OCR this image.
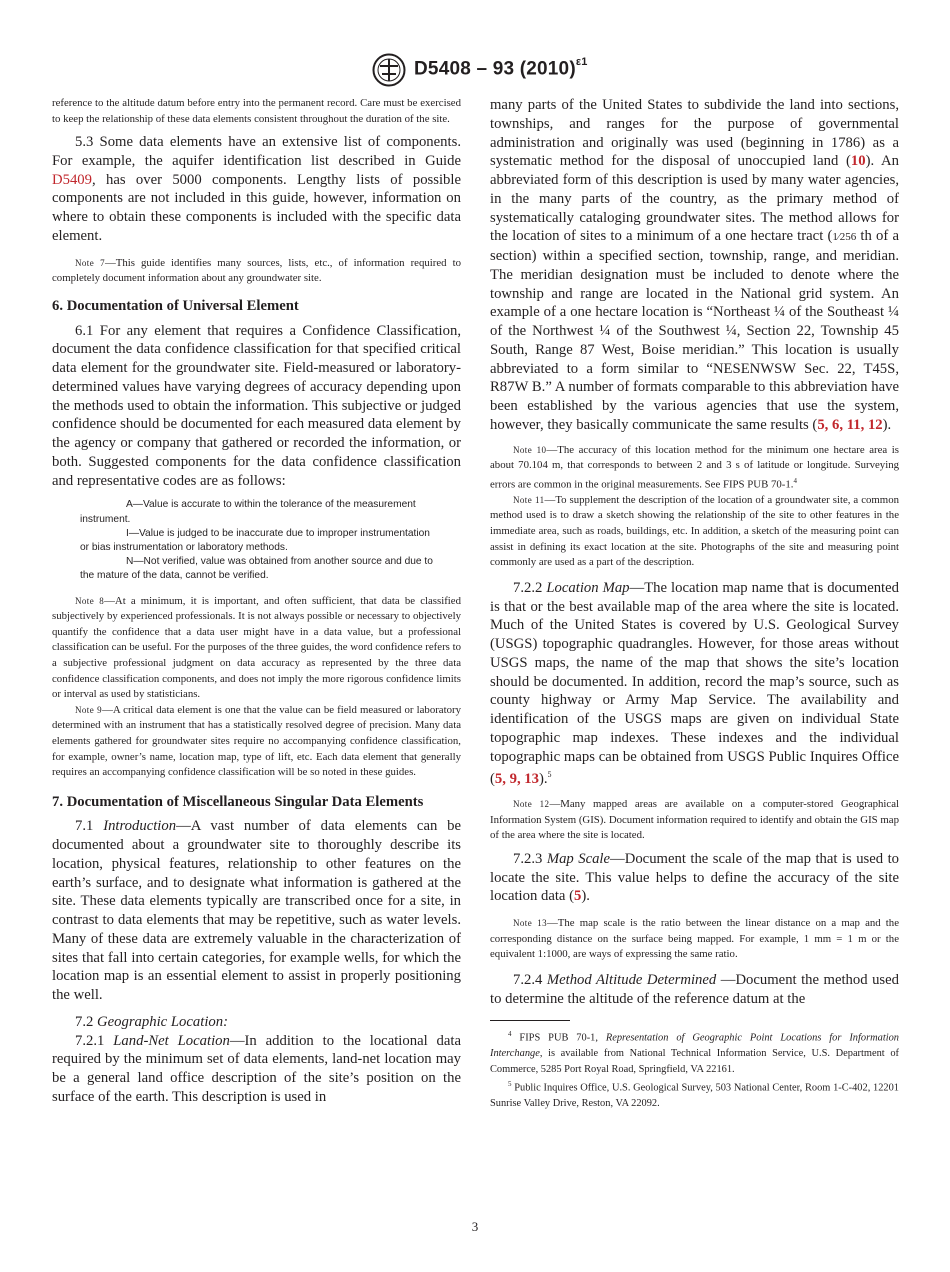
D5408 – 93 $(2010)^{\varepsilon 1}$

reference to the altitude datum before entry into the permanent record. Care must be exercised to keep the relationship of these data elements consistent throughout the duration of the site.

5.3 Some data elements have an extensive list of components. For example, the aquifer identification list described in Guide D5409, has over 5000 components. Lengthy lists of possible components are not included in this guide, however, information on where to obtain these components is included with the specific data element.

Note 7—This guide identifies many sources, lists, etc., of information required to completely document information about any groundwater site.

6. Documentation of Universal Element

6.1 For any element that requires a Confidence Classification, document the data confidence classification for that specified critical data element for the groundwater site. Field-measured or laboratory-determined values have varying degrees of accuracy depending upon the methods used to obtain the information. This subjective or judged confidence should be documented for each measured data element by the agency or company that gathered or recorded the information, or both. Suggested components for the data confidence classification and representative codes are as follows:

A—Value is accurate to within the tolerance of the measurement instrument.
I—Value is judged to be inaccurate due to improper instrumentation or bias instrumentation or laboratory methods.
N—Not verified, value was obtained from another source and due to the mature of the data, cannot be verified.

Note 8—At a minimum, it is important, and often sufficient, that data be classified subjectively by experienced professionals. It is not always possible or necessary to objectively quantify the confidence that a data user might have in a data value, but a professional classification can be useful. For the purposes of the three guides, the word confidence refers to a subjective professional judgment on data accuracy as represented by the three data confidence classification components, and does not imply the more rigorous confidence limits or interval as used by statisticians.

Note 9—A critical data element is one that the value can be field measured or laboratory determined with an instrument that has a statistically resolved degree of precision. Many data elements gathered for groundwater sites require no accompanying confidence classification, for example, owner’s name, location map, type of lift, etc. Each data element that generally requires an accompanying confidence classification will be so noted in these guides.

7. Documentation of Miscellaneous Singular Data Elements

7.1 Introduction—A vast number of data elements can be documented about a groundwater site to thoroughly describe its location, physical features, relationship to other features on the earth’s surface, and to designate what information is gathered at the site. These data elements typically are transcribed once for a site, in contrast to data elements that may be repetitive, such as water levels. Many of these data are extremely valuable in the characterization of sites that fall into certain categories, for example wells, for which the location map is an essential element to assist in properly positioning the well.

7.2 Geographic Location:

7.2.1 Land-Net Location—In addition to the locational data required by the minimum set of data elements, land-net location may be a general land office description of the site’s position on the surface of the earth. This description is used in

many parts of the United States to subdivide the land into sections, townships, and ranges for the purpose of governmental administration and originally was used (beginning in 1786) as a systematic method for the disposal of unoccupied land (10). An abbreviated form of this description is used by many water agencies, in the many parts of the country, as the primary method of systematically cataloging groundwater sites. The method allows for the location of sites to a minimum of a one hectare tract (1⁄256 th of a section) within a specified section, township, range, and meridian. The meridian designation must be included to denote where the township and range are located in the National grid system. An example of a one hectare location is “Northeast ¼ of the Southeast ¼ of the Northwest ¼ of the Southwest ¼, Section 22, Township 45 South, Range 87 West, Boise meridian.” This location is usually abbreviated to a form similar to “NESENWSW Sec. 22, T45S, R87W B.” A number of formats comparable to this abbreviation have been established by the various agencies that use the system, however, they basically communicate the same results (5, 6, 11, 12).

Note 10—The accuracy of this location method for the minimum one hectare area is about 70.104 m, that corresponds to between 2 and 3 s of latitude or longitude. Surveying errors are common in the original measurements. See FIPS PUB 70-1.$^4$

Note 11—To supplement the description of the location of a groundwater site, a common method used is to draw a sketch showing the relationship of the site to other features in the immediate area, such as roads, buildings, etc. In addition, a sketch of the measuring point can assist in defining its exact location at the site. Photographs of the site and measuring point commonly are used as a part of the description.

7.2.2 Location Map—The location map name that is documented is that or the best available map of the area where the site is located. Much of the United States is covered by U.S. Geological Survey (USGS) topographic quadrangles. However, for those areas without USGS maps, the name of the map that shows the site’s location should be documented. In addition, record the map’s source, such as county highway or Army Map Service. The availability and identification of the USGS maps are given on individual State topographic map indexes. These indexes and the individual topographic maps can be obtained from USGS Public Inquires Office (5, 9, 13).$^5$

Note 12—Many mapped areas are available on a computer-stored Geographical Information System (GIS). Document information required to identify and obtain the GIS map of the area where the site is located.

7.2.3 Map Scale—Document the scale of the map that is used to locate the site. This value helps to define the accuracy of the site location data (5).

Note 13—The map scale is the ratio between the linear distance on a map and the corresponding distance on the surface being mapped. For example, 1 mm = 1 m or the equivalent 1:1000, are ways of expressing the same ratio.

7.2.4 Method Altitude Determined —Document the method used to determine the altitude of the reference datum at the

$^4$ FIPS PUB 70-1, Representation of Geographic Point Locations for Information Interchange, is available from National Technical Information Service, U.S. Department of Commerce, 5285 Port Royal Road, Springfield, VA 22161.

$^5$ Public Inquires Office, U.S. Geological Survey, 503 National Center, Room 1-C-402, 12201 Sunrise Valley Drive, Reston, VA 22092.

3
